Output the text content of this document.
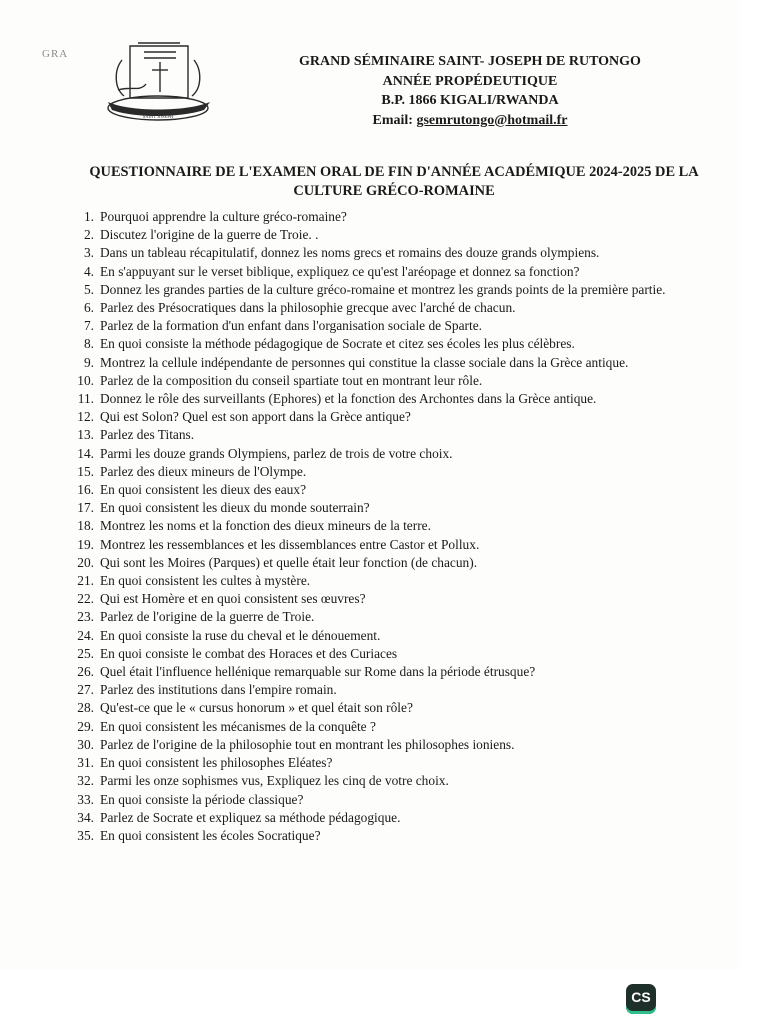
GRA
GRAND SÉMINAIRE
SAINT JOSEPH
GRAND SÉMINAIRE SAINT- JOSEPH DE RUTONGO
ANNÉE PROPÉDEUTIQUE
B.P. 1866 KIGALI/RWANDA
Email: gsemrutongo@hotmail.fr
QUESTIONNAIRE DE L'EXAMEN ORAL DE FIN D'ANNÉE ACADÉMIQUE 2024-2025 DE LA
CULTURE GRÉCO-ROMAINE
1. Pourquoi apprendre la culture gréco-romaine?
2. Discutez l'origine de la guerre de Troie. .
3. Dans un tableau récapitulatif, donnez les noms grecs et romains des douze grands olympiens.
4. En s'appuyant sur le verset biblique, expliquez ce qu'est l'aréopage et donnez sa fonction?
5. Donnez les grandes parties de la culture gréco-romaine et montrez les grands points de la première partie.
6. Parlez des Présocratiques dans la philosophie grecque avec l'arché de chacun.
7. Parlez de la formation d'un enfant dans l'organisation sociale de Sparte.
8. En quoi consiste la méthode pédagogique de Socrate et citez ses écoles les plus célèbres.
9. Montrez la cellule indépendante de personnes qui constitue la classe sociale dans la Grèce antique.
10. Parlez de la composition du conseil spartiate tout en montrant leur rôle.
11. Donnez le rôle des surveillants (Ephores) et la fonction des Archontes dans la Grèce antique.
12. Qui est Solon? Quel est son apport dans la Grèce antique?
13. Parlez des Titans.
14. Parmi les douze grands Olympiens, parlez de trois de votre choix.
15. Parlez des dieux mineurs de l'Olympe.
16. En quoi consistent les dieux des eaux?
17. En quoi consistent les dieux du monde souterrain?
18. Montrez les noms et la fonction des dieux mineurs de la terre.
19. Montrez les ressemblances et les dissemblances entre Castor et Pollux.
20. Qui sont les Moires (Parques) et quelle était leur fonction (de chacun).
21. En quoi consistent les cultes à mystère.
22. Qui est Homère et en quoi consistent ses œuvres?
23. Parlez de l'origine de la guerre de Troie.
24. En quoi consiste la ruse du cheval et le dénouement.
25. En quoi consiste le combat des Horaces et des Curiaces
26. Quel était l'influence hellénique remarquable sur Rome dans la période étrusque?
27. Parlez des institutions dans l'empire romain.
28. Qu'est-ce que le « cursus honorum » et quel était son rôle?
29. En quoi consistent les mécanismes de la conquête ?
30. Parlez de l'origine de la philosophie tout en montrant les philosophes ioniens.
31. En quoi consistent les philosophes Eléates?
32. Parmi les onze sophismes vus, Expliquez les cinq de votre choix.
33. En quoi consiste la période classique?
34. Parlez de Socrate et expliquez sa méthode pédagogique.
35. En quoi consistent les écoles Socratique?
CS
